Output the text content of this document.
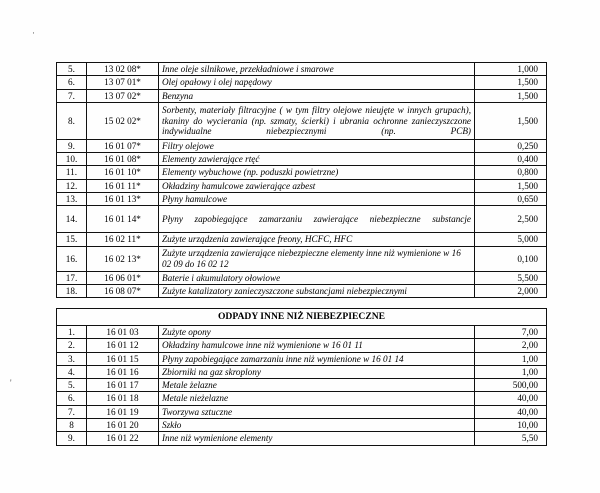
·
'
5.	13 02 08*	Inne oleje silnikowe, przekładniowe i smarowe	1,000
6.	13 07 01*	Olej opałowy i olej napędowy	1,500
7.	13 07 02*	Benzyna	1,500
8.	15 02 02*	Sorbenty, materiały filtracyjne ( w tym filtry olejowe nieujęte w innych grupach), tkaniny do wycierania (np. szmaty, ścierki) i ubrania ochronne zanieczyszczone indywidualne niebezpiecznymi (np. PCB)	1,500
9.	16 01 07*	Filtry olejowe	0,250
10.	16 01 08*	Elementy zawierające rtęć	0,400
11.	16 01 10*	Elementy wybuchowe (np. poduszki powietrzne)	0,800
12.	16 01 11*	Okładziny hamulcowe zawierające azbest	1,500
13.	16 01 13*	Płyny hamulcowe	0,650
14.	16 01 14*	Płyny zapobiegające zamarzaniu zawierające niebezpieczne substancje	2,500
15.	16 02 11*	Zużyte urządzenia zawierające freony, HCFC, HFC	5,000
16.	16 02 13*	Zużyte urządzenia zawierające niebezpieczne elementy inne niż wymienione w 16 02 09 do 16 02 12	0,100
17.	16 06 01*	Baterie i akumulatory ołowiowe	5,500
18.	16 08 07*	Zużyte katalizatory zanieczyszczone substancjami niebezpiecznymi	2,000

ODPADY INNE NIŻ NIEBEZPIECZNE			
1.	16 01 03	Zużyte opony	7,00
2.	16 01 12	Okładziny hamulcowe inne niż wymienione w 16 01 11	2,00
3.	16 01 15	Płyny zapobiegające zamarzaniu inne niż wymienione w 16 01 14	1,00
4.	16 01 16	Zbiorniki na gaz skroplony	1,00
5.	16 01 17	Metale żelazne	500,00
6.	16 01 18	Metale nieżelazne	40,00
7.	16 01 19	Tworzywa sztuczne	40,00
8	16 01 20	Szkło	10,00
9.	16 01 22	Inne niż wymienione elementy	5,50
